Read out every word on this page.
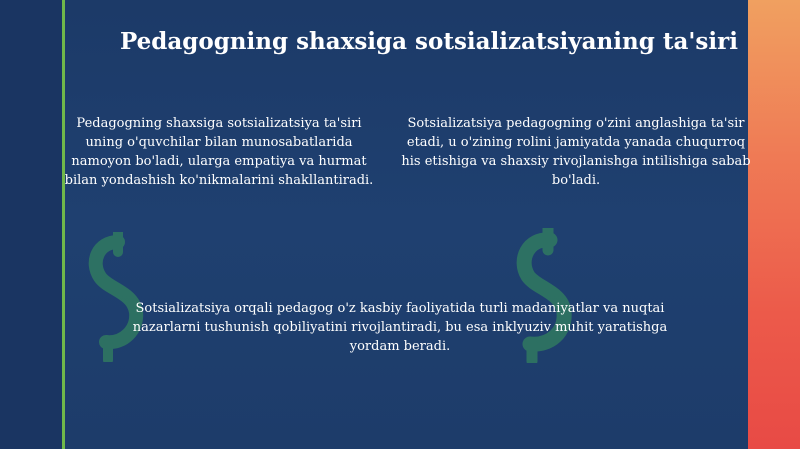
Pedagogning shaxsiga sotsializatsiyaning ta'siri
Pedagogning shaxsiga sotsializatsiya ta'siri uning o'quvchilar bilan munosabatlarida namoyon bo'ladi, ularga empatiya va hurmat bilan yondashish ko'nikmalarini shakllantiradi.
Sotsializatsiya pedagogning o'zini anglashiga ta'sir etadi, u o'zining rolini jamiyatda yanada chuqurroq his etishiga va shaxsiy rivojlanishga intilishiga sabab bo'ladi.
Sotsializatsiya orqali pedagog o'z kasbiy faoliyatida turli madaniyatlar va nuqtai nazarlarni tushunish qobiliyatini rivojlantiradi, bu esa inklyuziv muhit yaratishga yordam beradi.
